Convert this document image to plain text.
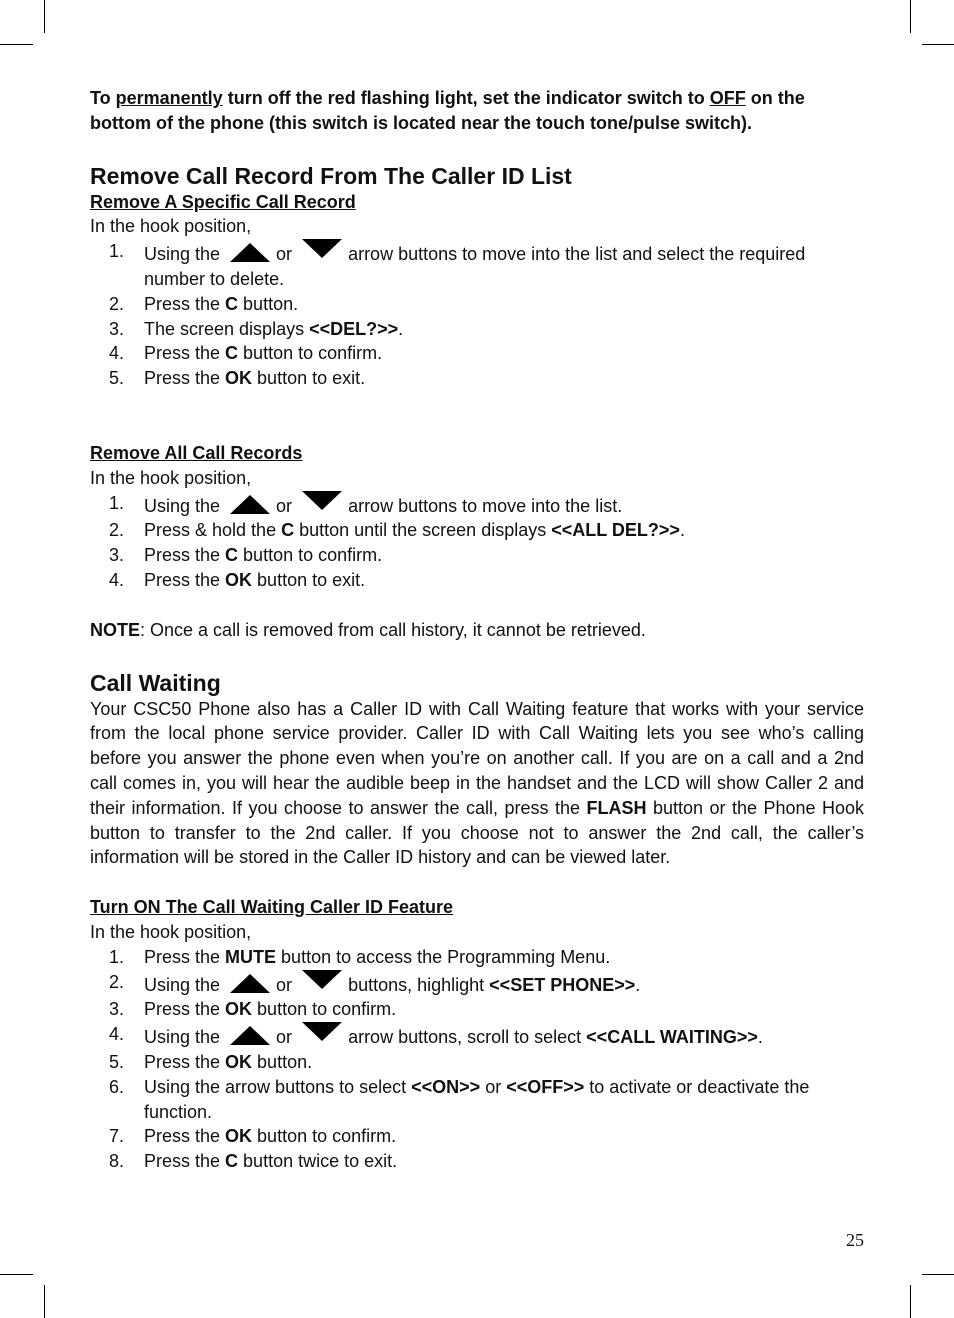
To permanently turn off the red flashing light, set the indicator switch to OFF on the bottom of the phone (this switch is located near the touch tone/pulse switch).

Remove Call Record From The Caller ID List

Remove A Specific Call Record

In the hook position,

1. Using the	or	arrow buttons to move into the list and select the required number to delete.
2. Press the C button.
3. The screen displays <<DEL?>>.
4. Press the C button to confirm.
5. Press the OK button to exit.

Remove All Call Records

In the hook position,

1. Using the	or	arrow buttons to move into the list.
2. Press & hold the C button until the screen displays <<ALL DEL?>>.
3. Press the C button to confirm.
4. Press the OK button to exit.

NOTE: Once a call is removed from call history, it cannot be retrieved.

Call Waiting

Your CSC50 Phone also has a Caller ID with Call Waiting feature that works with your service from the local phone service provider. Caller ID with Call Waiting lets you see who’s calling before you answer the phone even when you’re on another call. If you are on a call and a 2nd call comes in, you will hear the audible beep in the handset and the LCD will show Caller 2 and their information. If you choose to answer the call, press the FLASH button or the Phone Hook button to transfer to the 2nd caller. If you choose not to answer the 2nd call, the caller’s information will be stored in the Caller ID history and can be viewed later.

Turn ON The Call Waiting Caller ID Feature

In the hook position,

1. Press the MUTE button to access the Programming Menu.
2. Using the	or	buttons, highlight <<SET PHONE>>.
3. Press the OK button to confirm.
4. Using the	or	arrow buttons, scroll to select <<CALL WAITING>>.
5. Press the OK button.
6. Using the arrow buttons to select <<ON>> or <<OFF>> to activate or deactivate the function.
7. Press the OK button to confirm.
8. Press the C button twice to exit.
25
